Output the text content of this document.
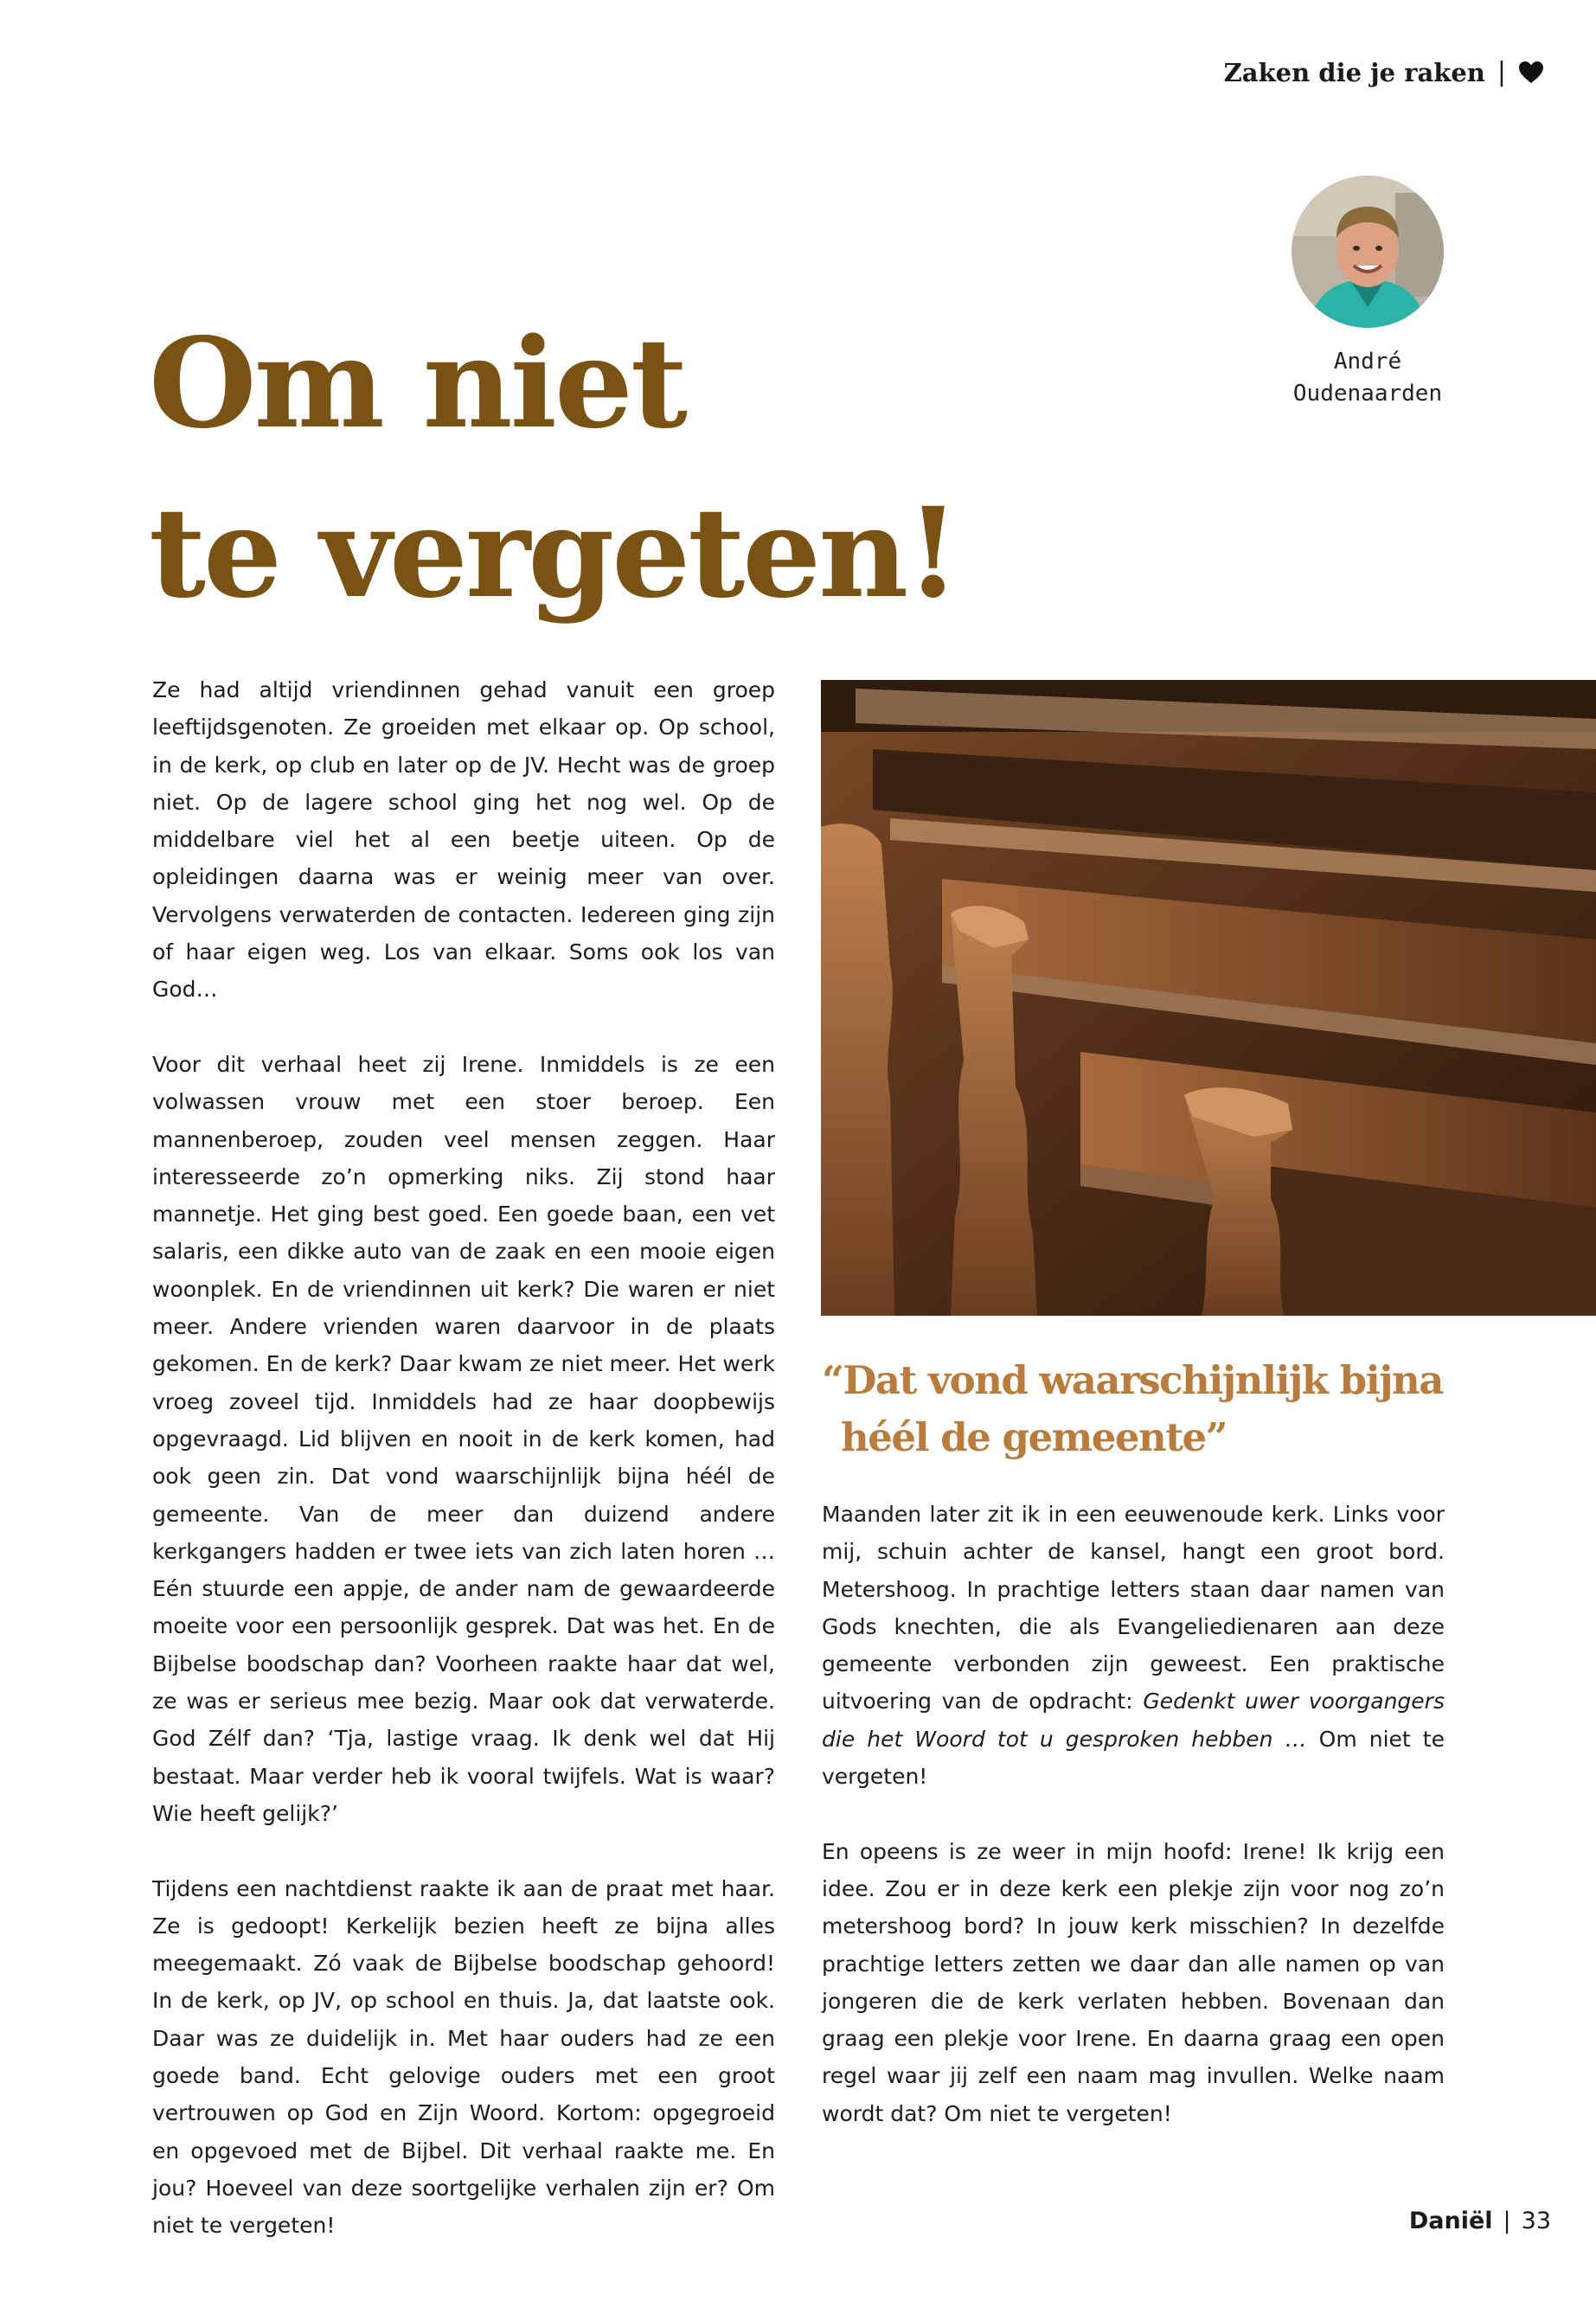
Zaken die je raken |
André
Oudenaarden
Om niet
te vergeten!

Ze had altijd vriendinnen gehad vanuit een groep leeftijdsgenoten. Ze groeiden met elkaar op. Op school, in de kerk, op club en later op de JV. Hecht was de groep niet. Op de lagere school ging het nog wel. Op de middelbare viel het al een beetje uiteen. Op de opleidingen daarna was er weinig meer van over. Vervolgens verwaterden de contacten. Iedereen ging zijn of haar eigen weg. Los van elkaar. Soms ook los van God…

Voor dit verhaal heet zij Irene. Inmiddels is ze een volwassen vrouw met een stoer beroep. Een mannenberoep, zouden veel mensen zeggen. Haar interesseerde zo’n opmerking niks. Zij stond haar mannetje. Het ging best goed. Een goede baan, een vet salaris, een dikke auto van de zaak en een mooie eigen woonplek. En de vriendinnen uit kerk? Die waren er niet meer. Andere vrienden waren daarvoor in de plaats gekomen. En de kerk? Daar kwam ze niet meer. Het werk vroeg zoveel tijd. Inmiddels had ze haar doopbewijs opgevraagd. Lid blijven en nooit in de kerk komen, had ook geen zin. Dat vond waarschijnlijk bijna héél de gemeente. Van de meer dan duizend andere kerkgangers hadden er twee iets van zich laten horen … Eén stuurde een appje, de ander nam de gewaardeerde moeite voor een persoonlijk gesprek. Dat was het. En de Bijbelse boodschap dan? Voorheen raakte haar dat wel, ze was er serieus mee bezig. Maar ook dat verwaterde. God Zélf dan? ‘Tja, lastige vraag. Ik denk wel dat Hij bestaat. Maar verder heb ik vooral twijfels. Wat is waar? Wie heeft gelijk?’

Tijdens een nachtdienst raakte ik aan de praat met haar. Ze is gedoopt! Kerkelijk bezien heeft ze bijna alles meegemaakt. Zó vaak de Bijbelse boodschap gehoord! In de kerk, op JV, op school en thuis. Ja, dat laatste ook. Daar was ze duidelijk in. Met haar ouders had ze een goede band. Echt gelovige ouders met een groot vertrouwen op God en Zijn Woord. Kortom: opgegroeid en opgevoed met de Bijbel. Dit verhaal raakte me. En jou? Hoeveel van deze soortgelijke verhalen zijn er? Om niet te vergeten!

“Dat vond waarschijnlijk bijna
héél de gemeente”

Maanden later zit ik in een eeuwenoude kerk. Links voor mij, schuin achter de kansel, hangt een groot bord. Metershoog. In prachtige letters staan daar namen van Gods knechten, die als Evangeliedienaren aan deze gemeente verbonden zijn geweest. Een praktische uitvoering van de opdracht: Gedenkt uwer voorgangers die het Woord tot u gesproken hebben … Om niet te vergeten!

En opeens is ze weer in mijn hoofd: Irene! Ik krijg een idee. Zou er in deze kerk een plekje zijn voor nog zo’n metershoog bord? In jouw kerk misschien? In dezelfde prachtige letters zetten we daar dan alle namen op van jongeren die de kerk verlaten hebben. Bovenaan dan graag een plekje voor Irene. En daarna graag een open regel waar jij zelf een naam mag invullen. Welke naam wordt dat? Om niet te vergeten!

Daniël | 33
